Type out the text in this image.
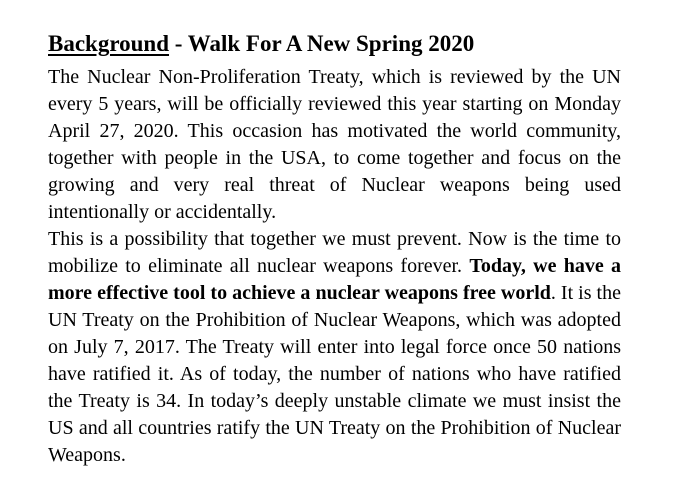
Background - Walk For A New Spring 2020

The Nuclear Non-Proliferation Treaty, which is reviewed by the UN every 5 years, will be officially reviewed this year starting on Monday April 27, 2020. This occasion has motivated the world community, together with people in the USA, to come together and focus on the growing and very real threat of Nuclear weapons being used intentionally or accidentally.

This is a possibility that together we must prevent. Now is the time to mobilize to eliminate all nuclear weapons forever. Today, we have a more effective tool to achieve a nuclear weapons free world. It is the UN Treaty on the Prohibition of Nuclear Weapons, which was adopted on July 7, 2017. The Treaty will enter into legal force once 50 nations have ratified it. As of today, the number of nations who have ratified the Treaty is 34. In today’s deeply unstable climate we must insist the US and all countries ratify the UN Treaty on the Prohibition of Nuclear Weapons.
